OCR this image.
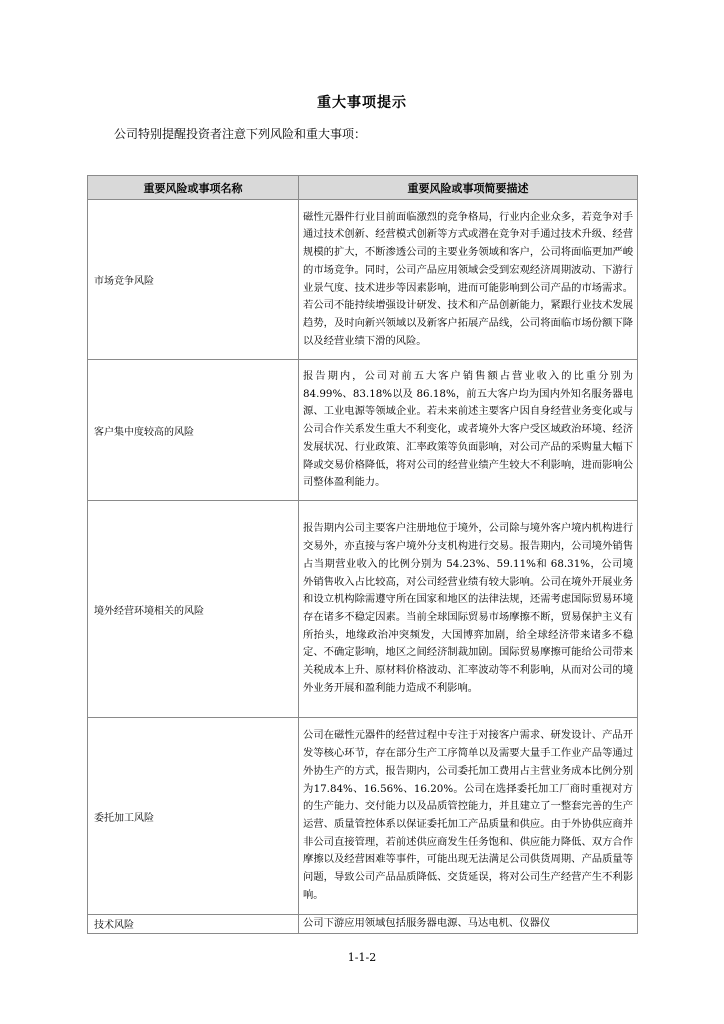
重大事项提示
公司特别提醒投资者注意下列风险和重大事项：
重要风险或事项名称	重要风险或事项简要描述
市场竞争风险	磁性元器件行业目前面临激烈的竞争格局，行业内企业众多，若竞争对手通过技术创新、经营模式创新等方式或潜在竞争对手通过技术升级、经营规模的扩大，不断渗透公司的主要业务领域和客户，公司将面临更加严峻的市场竞争。同时，公司产品应用领域会受到宏观经济周期波动、下游行业景气度、技术进步等因素影响，进而可能影响到公司产品的市场需求。若公司不能持续增强设计研发、技术和产品创新能力，紧跟行业技术发展趋势，及时向新兴领域以及新客户拓展产品线，公司将面临市场份额下降以及经营业绩下滑的风险。
客户集中度较高的风险	报告期内，公司对前五大客户销售额占营业收入的比重分别为 84.99%、83.18%以及 86.18%，前五大客户均为国内外知名服务器电源、工业电源等领域企业。若未来前述主要客户因自身经营业务变化或与公司合作关系发生重大不利变化，或者境外大客户受区域政治环境、经济发展状况、行业政策、汇率政策等负面影响，对公司产品的采购量大幅下降或交易价格降低，将对公司的经营业绩产生较大不利影响，进而影响公司整体盈利能力。
境外经营环境相关的风险	报告期内公司主要客户注册地位于境外，公司除与境外客户境内机构进行交易外，亦直接与客户境外分支机构进行交易。报告期内，公司境外销售占当期营业收入的比例分别为 54.23%、59.11%和 68.31%，公司境外销售收入占比较高，对公司经营业绩有较大影响。公司在境外开展业务和设立机构除需遵守所在国家和地区的法律法规，还需考虑国际贸易环境存在诸多不稳定因素。当前全球国际贸易市场摩擦不断，贸易保护主义有所抬头，地缘政治冲突频发，大国博弈加剧，给全球经济带来诸多不稳定、不确定影响，地区之间经济制裁加剧。国际贸易摩擦可能给公司带来关税成本上升、原材料价格波动、汇率波动等不利影响，从而对公司的境外业务开展和盈利能力造成不利影响。
委托加工风险	公司在磁性元器件的经营过程中专注于对接客户需求、研发设计、产品开发等核心环节，存在部分生产工序简单以及需要大量手工作业产品等通过外协生产的方式，报告期内，公司委托加工费用占主营业务成本比例分别为17.84%、16.56%、16.20%。公司在选择委托加工厂商时重视对方的生产能力、交付能力以及品质管控能力，并且建立了一整套完善的生产运营、质量管控体系以保证委托加工产品质量和供应。由于外协供应商并非公司直接管理，若前述供应商发生任务饱和、供应能力降低、双方合作摩擦以及经营困难等事件，可能出现无法满足公司供货周期、产品质量等问题，导致公司产品品质降低、交货延误，将对公司生产经营产生不利影响。
技术风险	公司下游应用领域包括服务器电源、马达电机、仪器仪
1-1-2
